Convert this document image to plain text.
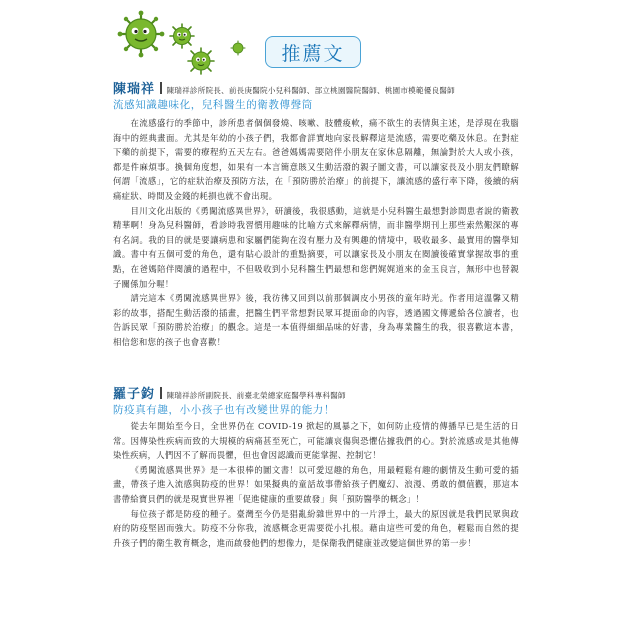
推薦文
陳瑞祥 陳瑞祥診所院長、前長庚醫院小兒科醫師、部立桃園醫院醫師、桃園市模範優良醫師
流感知識趣味化，兒科醫生的衛教傳聲筒

在流感盛行的季節中，診所患者個個發燒、咳嗽、肢體痠軟，痛不欲生的表情與主述，是浮現在我腦海中的經典畫面。尤其是年幼的小孩子們，我都會詳實地向家長解釋這是流感，需要吃藥及休息。在對症下藥的前提下，需要的療程約五天左右。爸爸媽媽需要陪伴小朋友在家休息隔離，無論對於大人或小孩，都是件麻煩事。換個角度想，如果有一本言簡意賅又生動活潑的親子圖文書，可以讓家長及小朋友們瞭解何謂「流感」，它的症狀治療及預防方法，在「預防勝於治療」的前提下，讓流感的盛行率下降，後續的病痛症狀、時間及金錢的耗損也就不會出現。

目川文化出版的《勇闖流感異世界》，研讀後，我很感動，這就是小兒科醫生最想對診間患者說的衛教精華啊！身為兒科醫師，看診時我習慣用趣味的比喻方式來解釋病情，而非醫學期刊上那些索然艱深的專有名詞。我的目的就是要讓病患和家屬們能夠在沒有壓力及有興趣的情境中，吸收最多、最實用的醫學知識。書中有五個可愛的角色，還有貼心設計的重點摘要，可以讓家長及小朋友在閱讀後確實掌握故事的重點，在爸媽陪伴閱讀的過程中，不但吸收到小兒科醫生們最想和您們娓娓道來的金玉良言，無形中也替親子關係加分喔！

請完這本《勇闖流感異世界》後，我彷彿又回到以前那個調皮小男孩的童年時光。作者用這溫馨又精彩的故事，搭配生動活潑的插畫，把醫生們平常想對民眾耳提面命的內容，透過國文傳遞給各位讀者，也告訴民眾「預防勝於治療」的觀念。這是一本值得細細品味的好書，身為專業醫生的我，很喜歡這本書，相信您和您的孩子也會喜歡！

羅子鈞 陳瑞祥診所副院長、前臺北榮總家庭醫學科專科醫師
防疫真有趣，小小孩子也有改變世界的能力！

從去年開始至今日，全世界仍在 COVID-19 掀起的風暴之下，如何防止疫情的傳播早已是生活的日常。因傳染性疾病而致的大規模的病痛甚至死亡，可能讓哀傷與恐懼佔據我們的心。對於流感或是其他傳染性疾病，人們因不了解而畏懼，但也會因認識而更能掌握、控制它！

《勇闖流感異世界》是一本很棒的圖文書！以可愛逗趣的角色，用最輕鬆有趣的劇情及生動可愛的插畫，帶孩子進入流感與防疫的世界！如果擬典的童話故事帶給孩子們魔幻、浪漫、勇敢的價值觀，那這本書帶給寶貝們的就是現實世界裡「促進健康的重要啟發」與「預防醫學的概念」！

每位孩子都是防疫的種子。臺灣至今仍是猖亂紛雜世界中的一片淨土，最大的原因就是我們民眾與政府的防疫堅固而強大。防疫不分你我，流感概念更需要從小扎根。藉由這些可愛的角色，輕鬆而自然的提升孩子們的衛生教育概念，進而啟發他們的想像力，是保衛我們健康並改變這個世界的第一步！
